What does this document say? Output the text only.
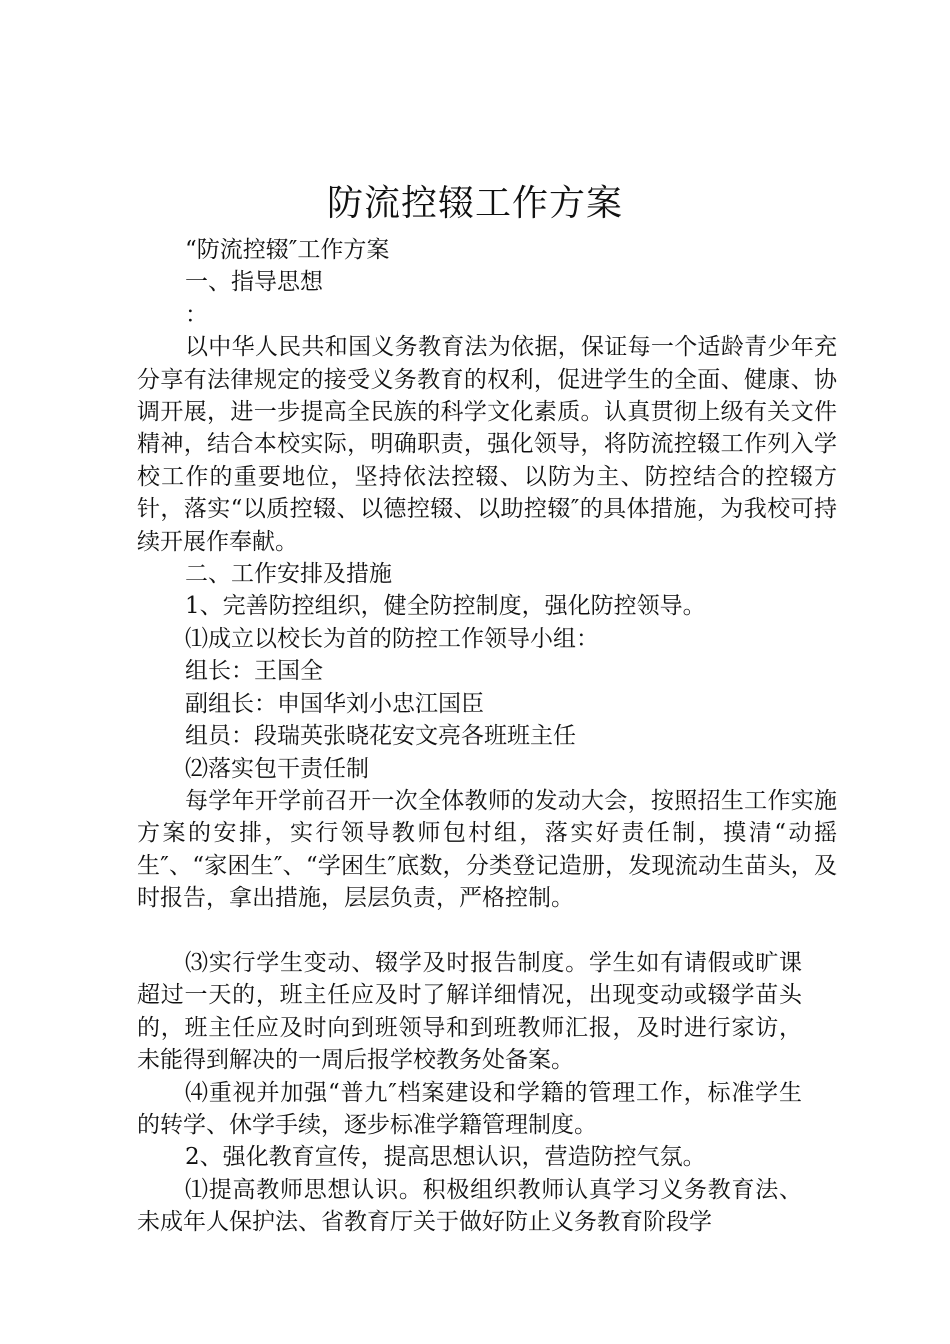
防流控辍工作方案

“防流控辍″工作方案

一、指导思想

：

以中华人民共和国义务教育法为依据，保证每一个适龄青少年充分享有法律规定的接受义务教育的权利，促进学生的全面、健康、协调开展，进一步提高全民族的科学文化素质。认真贯彻上级有关文件精神，结合本校实际，明确职责，强化领导，将防流控辍工作列入学校工作的重要地位，坚持依法控辍、以防为主、防控结合的控辍方针，落实“以质控辍、以德控辍、以助控辍″的具体措施，为我校可持续开展作奉献。

二、工作安排及措施

1、完善防控组织，健全防控制度，强化防控领导。

⑴成立以校长为首的防控工作领导小组：

组长：王国全

副组长：申国华刘小忠江国臣

组员：段瑞英张晓花安文亮各班班主任

⑵落实包干责任制

每学年开学前召开一次全体教师的发动大会，按照招生工作实施方案的安排，实行领导教师包村组，落实好责任制，摸清“动摇生″、“家困生″、“学困生″底数，分类登记造册，发现流动生苗头，及时报告，拿出措施，层层负责，严格控制。

⑶实行学生变动、辍学及时报告制度。学生如有请假或旷课超过一天的，班主任应及时了解详细情况，出现变动或辍学苗头的，班主任应及时向到班领导和到班教师汇报，及时进行家访，未能得到解决的一周后报学校教务处备案。

⑷重视并加强“普九″档案建设和学籍的管理工作，标准学生的转学、休学手续，逐步标准学籍管理制度。

2、强化教育宣传，提高思想认识，营造防控气氛。

⑴提高教师思想认识。积极组织教师认真学习义务教育法、未成年人保护法、省教育厅关于做好防止义务教育阶段学
